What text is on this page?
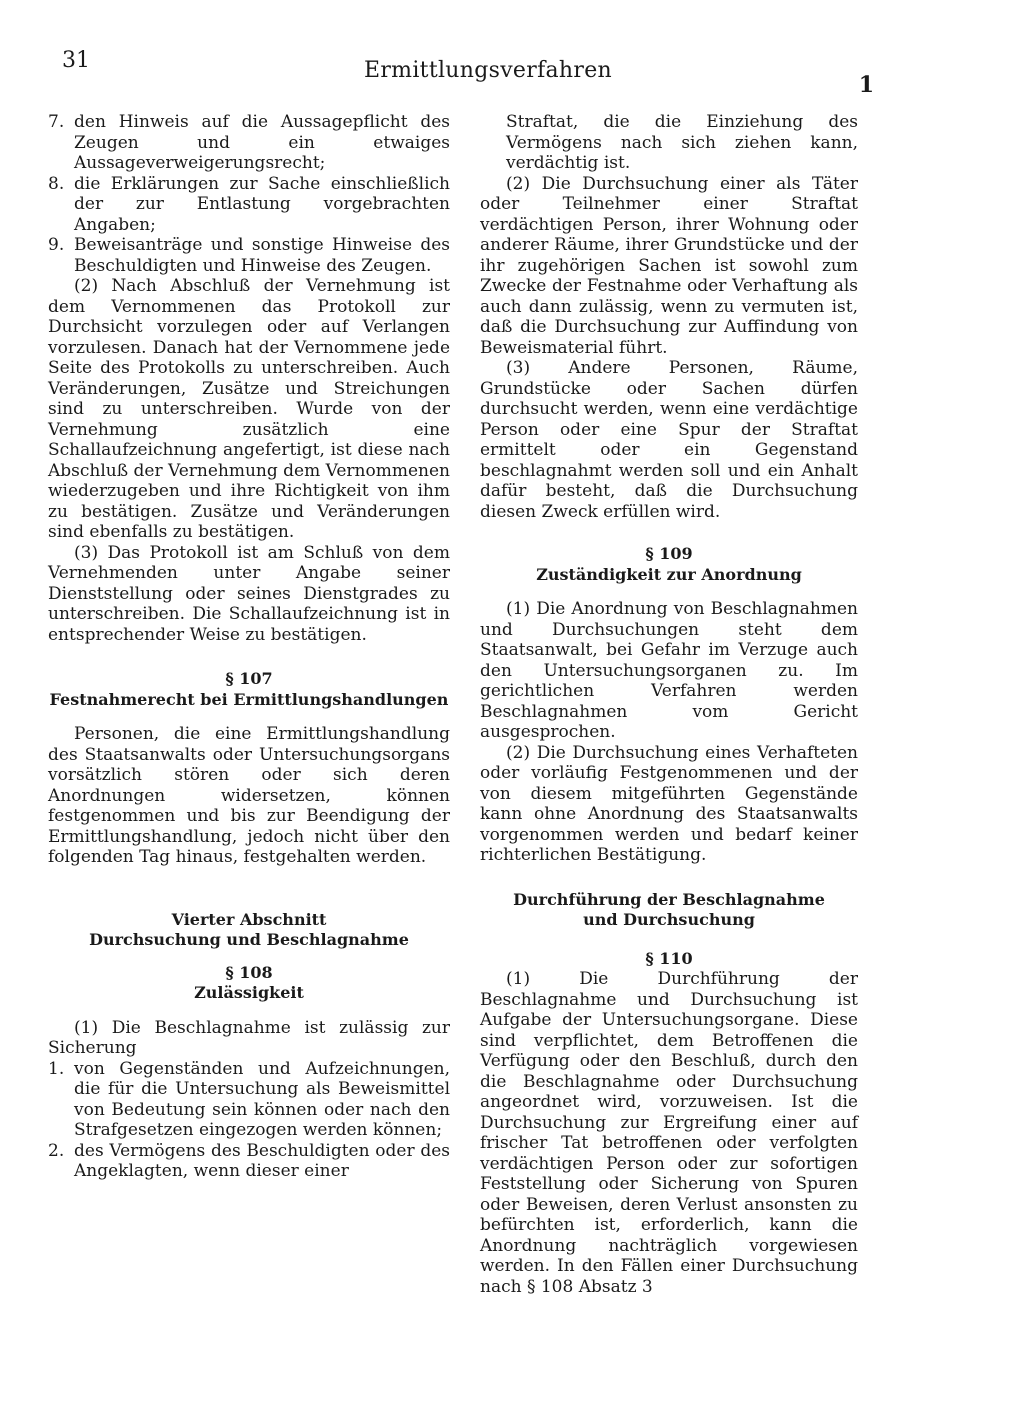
31	Ermittlungsverfahren
1

7. den Hinweis auf die Aussagepflicht des Zeugen und ein etwaiges Aussageverweigerungsrecht;

8. die Erklärungen zur Sache einschließlich der zur Entlastung vorgebrachten Angaben;

9. Beweisanträge und sonstige Hinweise des Beschuldigten und Hinweise des Zeugen.

(2) Nach Abschluß der Vernehmung ist dem Vernommenen das Protokoll zur Durchsicht vorzulegen oder auf Verlangen vorzulesen. Danach hat der Vernommene jede Seite des Protokolls zu unterschreiben. Auch Veränderungen, Zusätze und Streichungen sind zu unterschreiben. Wurde von der Vernehmung zusätzlich eine Schallaufzeichnung angefertigt, ist diese nach Abschluß der Vernehmung dem Vernommenen wiederzugeben und ihre Richtigkeit von ihm zu bestätigen. Zusätze und Veränderungen sind ebenfalls zu bestätigen.

(3) Das Protokoll ist am Schluß von dem Vernehmenden unter Angabe seiner Dienststellung oder seines Dienstgrades zu unterschreiben. Die Schallaufzeichnung ist in entsprechender Weise zu bestätigen.

§ 107
Festnahmerecht bei Ermittlungshandlungen

Personen, die eine Ermittlungshandlung des Staatsanwalts oder Untersuchungsorgans vorsätzlich stören oder sich deren Anordnungen widersetzen, können festgenommen und bis zur Beendigung der Ermittlungshandlung, jedoch nicht über den folgenden Tag hinaus, festgehalten werden.

Vierter Abschnitt
Durchsuchung und Beschlagnahme
§ 108
Zulässigkeit

(1) Die Beschlagnahme ist zulässig zur Sicherung

1. von Gegenständen und Aufzeichnungen, die für die Untersuchung als Beweismittel von Bedeutung sein können oder nach den Strafgesetzen eingezogen werden können;

2. des Vermögens des Beschuldigten oder des Angeklagten, wenn dieser einer

Straftat, die die Einziehung des Vermögens nach sich ziehen kann, verdächtig ist.

(2) Die Durchsuchung einer als Täter oder Teilnehmer einer Straftat verdächtigen Person, ihrer Wohnung oder anderer Räume, ihrer Grundstücke und der ihr zugehörigen Sachen ist sowohl zum Zwecke der Festnahme oder Verhaftung als auch dann zulässig, wenn zu vermuten ist, daß die Durchsuchung zur Auffindung von Beweismaterial führt.

(3) Andere Personen, Räume, Grundstücke oder Sachen dürfen durchsucht werden, wenn eine verdächtige Person oder eine Spur der Straftat ermittelt oder ein Gegenstand beschlagnahmt werden soll und ein Anhalt dafür besteht, daß die Durchsuchung diesen Zweck erfüllen wird.

§ 109
Zuständigkeit zur Anordnung

(1) Die Anordnung von Beschlagnahmen und Durchsuchungen steht dem Staatsanwalt, bei Gefahr im Verzuge auch den Untersuchungsorganen zu. Im gerichtlichen Verfahren werden Beschlagnahmen vom Gericht ausgesprochen.

(2) Die Durchsuchung eines Verhafteten oder vorläufig Festgenommenen und der von diesem mitgeführten Gegenstände kann ohne Anordnung des Staatsanwalts vorgenommen werden und bedarf keiner richterlichen Bestätigung.

Durchführung der Beschlagnahme
und Durchsuchung
§ 110

(1) Die Durchführung der Beschlagnahme und Durchsuchung ist Aufgabe der Untersuchungsorgane. Diese sind verpflichtet, dem Betroffenen die Verfügung oder den Beschluß, durch den die Beschlagnahme oder Durchsuchung angeordnet wird, vorzuweisen. Ist die Durchsuchung zur Ergreifung einer auf frischer Tat betroffenen oder verfolgten verdächtigen Person oder zur sofortigen Feststellung oder Sicherung von Spuren oder Beweisen, deren Verlust ansonsten zu befürchten ist, erforderlich, kann die Anordnung nachträglich vorgewiesen werden. In den Fällen einer Durchsuchung nach § 108 Absatz 3
